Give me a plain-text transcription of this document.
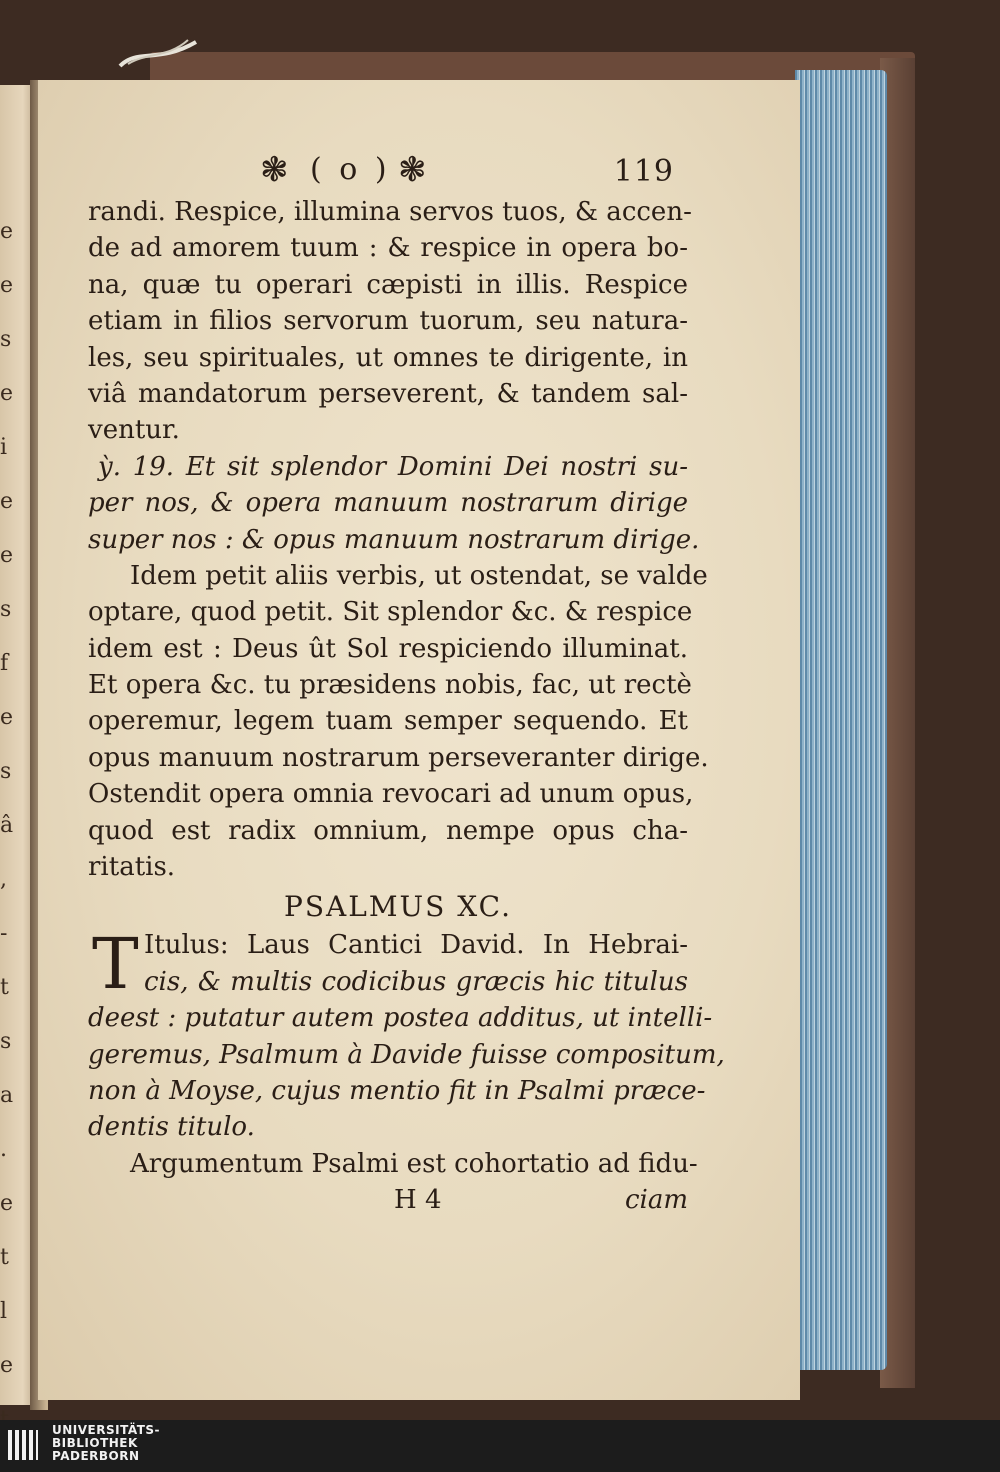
e
e
s
e
i
e
e
s
f
e
s
â
,
-
t
s
a
.
e
t
l
e
❃ ( o ) ❃	119
randi. Respice, illumina servos tuos, & accen-
de ad amorem tuum : & respice in opera bo-
na, quæ tu operari cæpisti in illis. Respice
etiam in filios servorum tuorum, seu natura-
les, seu spirituales, ut omnes te dirigente, in
viâ mandatorum perseverent, & tandem sal-
ventur.
ỳ. 19. Et sit splendor Domini Dei nostri su-
per nos, & opera manuum nostrarum dirige
super nos : & opus manuum nostrarum dirige.
Idem petit aliis verbis, ut ostendat, se valde
optare, quod petit. Sit splendor &c. & respice
idem est : Deus ût Sol respiciendo illuminat.
Et opera &c. tu præsidens nobis, fac, ut rectè
operemur, legem tuam semper sequendo. Et
opus manuum nostrarum perseveranter dirige.
Ostendit opera omnia revocari ad unum opus,
quod est radix omnium, nempe opus cha-
ritatis.
PSALMUS XC.
T Itulus: Laus Cantici David. In Hebrai-
cis, & multis codicibus græcis hic titulus
deest : putatur autem postea additus, ut intelli-
geremus, Psalmum à Davide fuisse compositum,
non à Moyse, cujus mentio fit in Psalmi præce-
dentis titulo.
Argumentum Psalmi est cohortatio ad fidu-
H 4	ciam
UNIVERSITÄTS-
BIBLIOTHEK
PADERBORN
